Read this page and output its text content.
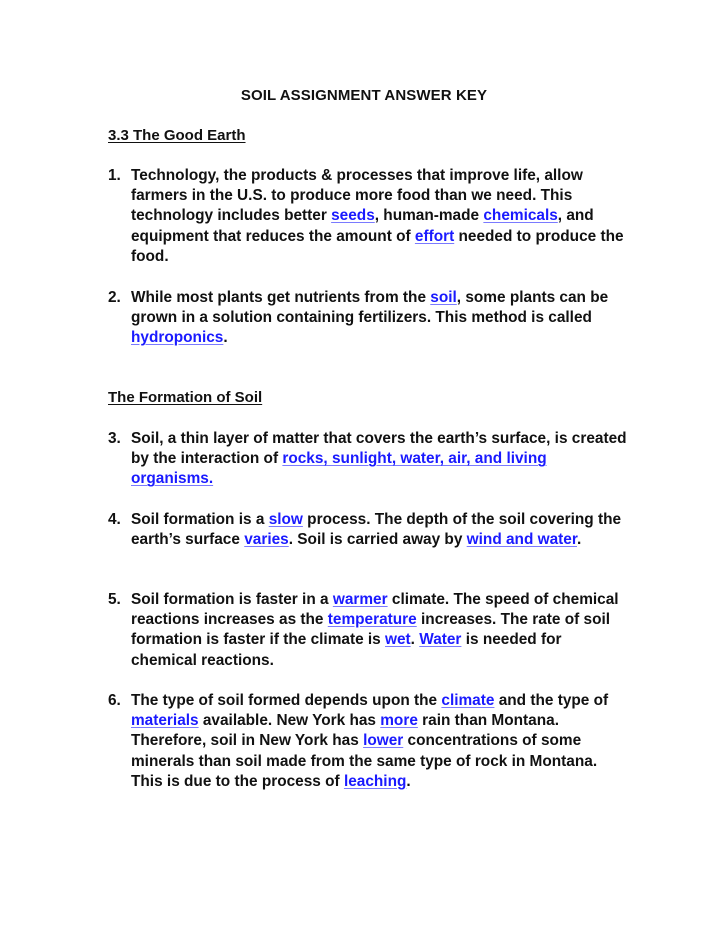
SOIL ASSIGNMENT ANSWER KEY
3.3 The Good Earth
1. Technology, the products & processes that improve life, allow farmers in the U.S. to produce more food than we need. This technology includes better seeds, human-made chemicals, and equipment that reduces the amount of effort needed to produce the food.
2. While most plants get nutrients from the soil, some plants can be grown in a solution containing fertilizers. This method is called hydroponics.
The Formation of Soil
3. Soil, a thin layer of matter that covers the earth’s surface, is created by the interaction of rocks, sunlight, water, air, and living organisms.
4. Soil formation is a slow process. The depth of the soil covering the earth’s surface varies. Soil is carried away by wind and water.
5. Soil formation is faster in a warmer climate. The speed of chemical reactions increases as the temperature increases. The rate of soil formation is faster if the climate is wet. Water is needed for chemical reactions.
6. The type of soil formed depends upon the climate and the type of materials available. New York has more rain than Montana. Therefore, soil in New York has lower concentrations of some minerals than soil made from the same type of rock in Montana. This is due to the process of leaching.
